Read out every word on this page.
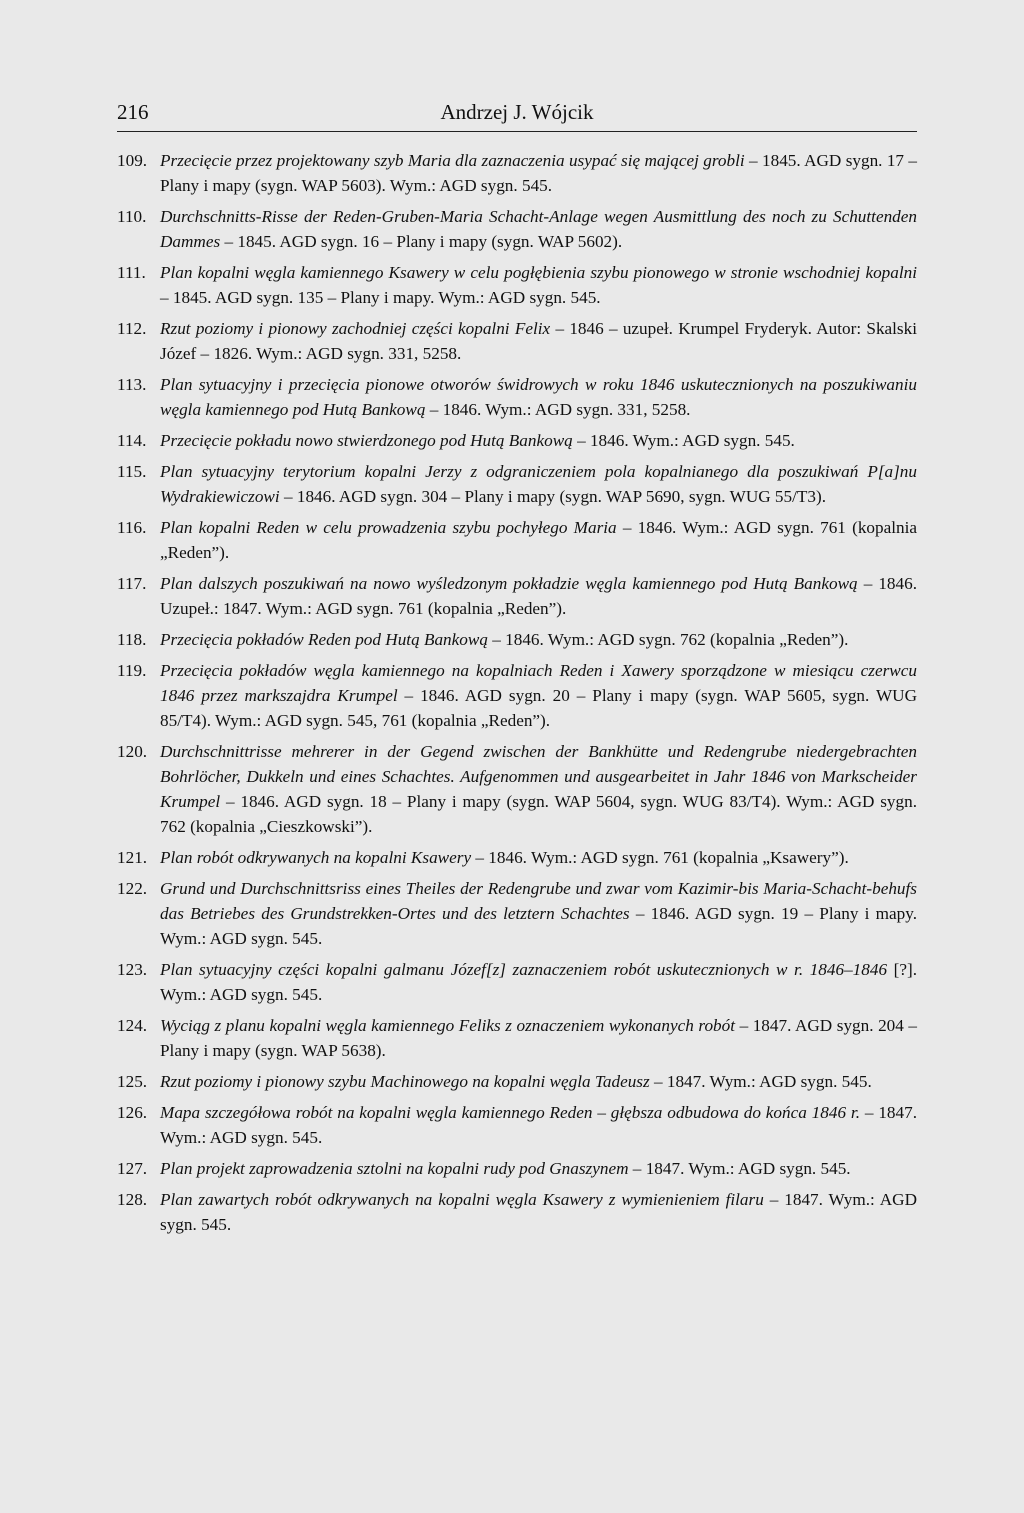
216	Andrzej J. Wójcik
109. Przecięcie przez projektowany szyb Maria dla zaznaczenia usypać się mającej grobli – 1845. AGD sygn. 17 – Plany i mapy (sygn. WAP 5603). Wym.: AGD sygn. 545.
110. Durchschnitts-Risse der Reden-Gruben-Maria Schacht-Anlage wegen Ausmittlung des noch zu Schuttenden Dammes – 1845. AGD sygn. 16 – Plany i mapy (sygn. WAP 5602).
111. Plan kopalni węgla kamiennego Ksawery w celu pogłębienia szybu pionowego w stronie wschodniej kopalni – 1845. AGD sygn. 135 – Plany i mapy. Wym.: AGD sygn. 545.
112. Rzut poziomy i pionowy zachodniej części kopalni Felix – 1846 – uzupeł. Krumpel Fryderyk. Autor: Skalski Józef – 1826. Wym.: AGD sygn. 331, 5258.
113. Plan sytuacyjny i przecięcia pionowe otworów świdrowych w roku 1846 uskutecznionych na poszukiwaniu węgla kamiennego pod Hutą Bankową – 1846. Wym.: AGD sygn. 331, 5258.
114. Przecięcie pokładu nowo stwierdzonego pod Hutą Bankową – 1846. Wym.: AGD sygn. 545.
115. Plan sytuacyjny terytorium kopalni Jerzy z odgraniczeniem pola kopalnianego dla poszukiwań P[a]nu Wydrakiewiczowi – 1846. AGD sygn. 304 – Plany i mapy (sygn. WAP 5690, sygn. WUG 55/T3).
116. Plan kopalni Reden w celu prowadzenia szybu pochyłego Maria – 1846. Wym.: AGD sygn. 761 (kopalnia „Reden”).
117. Plan dalszych poszukiwań na nowo wyśledzonym pokładzie węgla kamiennego pod Hutą Bankową – 1846. Uzupeł.: 1847. Wym.: AGD sygn. 761 (kopalnia „Reden”).
118. Przecięcia pokładów Reden pod Hutą Bankową – 1846. Wym.: AGD sygn. 762 (kopalnia „Reden”).
119. Przecięcia pokładów węgla kamiennego na kopalniach Reden i Xawery sporządzone w miesiącu czerwcu 1846 przez markszajdra Krumpel – 1846. AGD sygn. 20 – Plany i mapy (sygn. WAP 5605, sygn. WUG 85/T4). Wym.: AGD sygn. 545, 761 (kopalnia „Reden”).
120. Durchschnittrisse mehrerer in der Gegend zwischen der Bankhütte und Redengrube niedergebrachten Bohrlöcher, Dukkeln und eines Schachtes. Aufgenommen und ausgearbeitet in Jahr 1846 von Markscheider Krumpel – 1846. AGD sygn. 18 – Plany i mapy (sygn. WAP 5604, sygn. WUG 83/T4). Wym.: AGD sygn. 762 (kopalnia „Cieszkowski”).
121. Plan robót odkrywanych na kopalni Ksawery – 1846. Wym.: AGD sygn. 761 (kopalnia „Ksawery”).
122. Grund und Durchschnittsriss eines Theiles der Redengrube und zwar vom Kazimir-bis Maria-Schacht-behufs das Betriebes des Grundstrekken-Ortes und des letztern Schachtes – 1846. AGD sygn. 19 – Plany i mapy. Wym.: AGD sygn. 545.
123. Plan sytuacyjny części kopalni galmanu Józef[z] zaznaczeniem robót uskutecznionych w r. 1846–1846 [?]. Wym.: AGD sygn. 545.
124. Wyciąg z planu kopalni węgla kamiennego Feliks z oznaczeniem wykonanych robót – 1847. AGD sygn. 204 – Plany i mapy (sygn. WAP 5638).
125. Rzut poziomy i pionowy szybu Machinowego na kopalni węgla Tadeusz – 1847. Wym.: AGD sygn. 545.
126. Mapa szczegółowa robót na kopalni węgla kamiennego Reden – głębsza odbudowa do końca 1846 r. – 1847. Wym.: AGD sygn. 545.
127. Plan projekt zaprowadzenia sztolni na kopalni rudy pod Gnaszynem – 1847. Wym.: AGD sygn. 545.
128. Plan zawartych robót odkrywanych na kopalni węgla Ksawery z wymienieniem filaru – 1847. Wym.: AGD sygn. 545.
